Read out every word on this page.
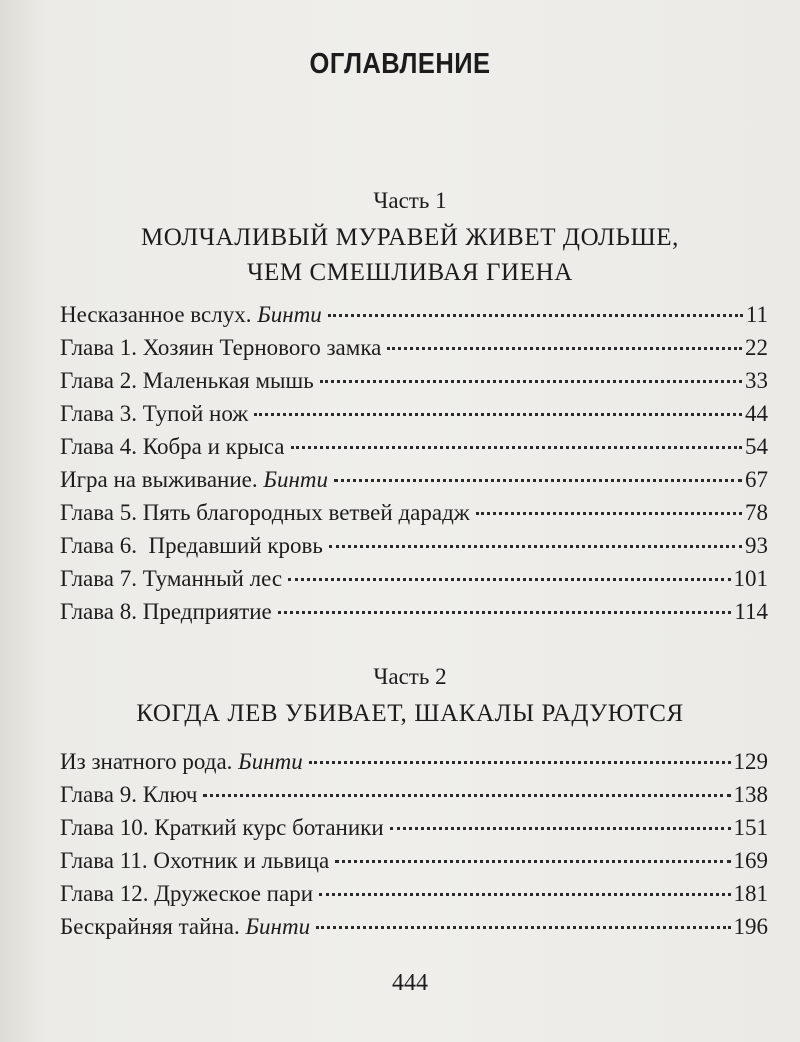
ОГЛАВЛЕНИЕ
Часть 1
МОЛЧАЛИВЫЙ МУРАВЕЙ ЖИВЕТ ДОЛЬШЕ,
ЧЕМ СМЕШЛИВАЯ ГИЕНА
Несказанное вслух. Бинти	11
Глава 1. Хозяин Тернового замка	22
Глава 2. Маленькая мышь	33
Глава 3. Тупой нож	44
Глава 4. Кобра и крыса	54
Игра на выживание. Бинти	67
Глава 5. Пять благородных ветвей дарадж	78
Глава 6.  Предавший кровь	93
Глава 7. Туманный лес	101
Глава 8. Предприятие	114
Часть 2
КОГДА ЛЕВ УБИВАЕТ, ШАКАЛЫ РАДУЮТСЯ
Из знатного рода. Бинти	129
Глава 9. Ключ	138
Глава 10. Краткий курс ботаники	151
Глава 11. Охотник и львица	169
Глава 12. Дружеское пари	181
Бескрайняя тайна. Бинти	196
444
